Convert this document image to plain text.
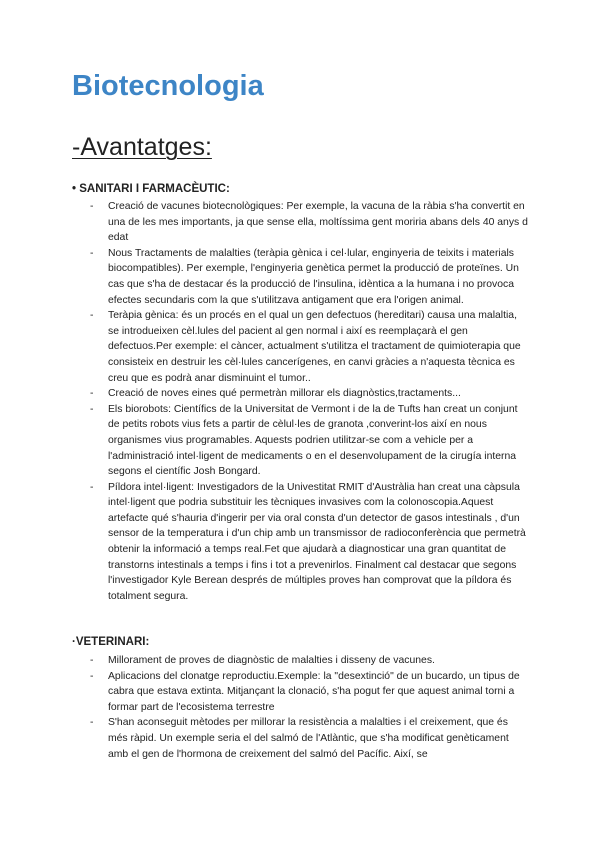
Biotecnologia
-Avantatges:

• SANITARI I FARMACÈUTIC:

- Creació de vacunes biotecnològiques: Per exemple, la vacuna de la ràbia s'ha convertit en una de les mes importants, ja que sense ella, moltíssima gent moriria abans dels 40 anys d edat
- Nous Tractaments de malalties (teràpia gènica i cel·lular, enginyeria de teixits i materials biocompatibles). Per exemple, l'enginyeria genètica permet la producció de proteïnes. Un cas que s'ha de destacar és la producció de l'insulina, idèntica a la humana i no provoca efectes secundaris com la que s'utilitzava antigament que era l'origen animal.
- Teràpia gènica: és un procés en el qual un gen defectuos (hereditari) causa una malaltia, se introdueixen cèl.lules del pacient al gen normal i així es reemplaçarà el gen defectuos.Per exemple: el càncer, actualment s'utilitza el tractament de quimioterapia que consisteix en destruir les cèl·lules cancerígenes, en canvi gràcies a n'aquesta tècnica es creu que es podrà anar disminuint el tumor..
- Creació de noves eines qué permetràn millorar els diagnòstics,tractaments...
- Els biorobots: Científics de la Universitat de Vermont i de la de Tufts han creat un conjunt de petits robots vius fets a partir de cèlul·les de granota ,converint-los així en nous organismes vius programables. Aquests podrien utilitzar-se com a vehicle per a l'administració intel·ligent de medicaments o en el desenvolupament de la cirugía interna segons el científic Josh Bongard.
- Píldora intel·ligent: Investigadors de la Univestitat RMIT d'Austràlia han creat una càpsula intel·ligent que podria substituir les tècniques invasives com la colonoscopia.Aquest artefacte qué s'hauria d'ingerir per via oral consta d'un detector de gasos intestinals , d'un sensor de la temperatura i d'un chip amb un transmissor de radioconferència que permetrà obtenir la informació a temps real.Fet que ajudarà a diagnosticar una gran quantitat de transtorns intestinals a temps i fins i tot a prevenirlos. Finalment cal destacar que segons l'investigador Kyle Berean després de múltiples proves han comprovat que la píldora és totalment segura.

·VETERINARI:

- Millorament de proves de diagnòstic de malalties i disseny de vacunes.
- Aplicacions del clonatge reproductiu.Exemple: la "desextinció" de un bucardo, un tipus de cabra que estava extinta. Mitjançant la clonació, s'ha pogut fer que aquest animal torni a formar part de l'ecosistema terrestre
- S'han aconseguit mètodes per millorar la resistència a malalties i el creixement, que és més ràpid. Un exemple seria el del salmó de l'Atlàntic, que s'ha modificat genèticament amb el gen de l'hormona de creixement del salmó del Pacífic. Així, se
